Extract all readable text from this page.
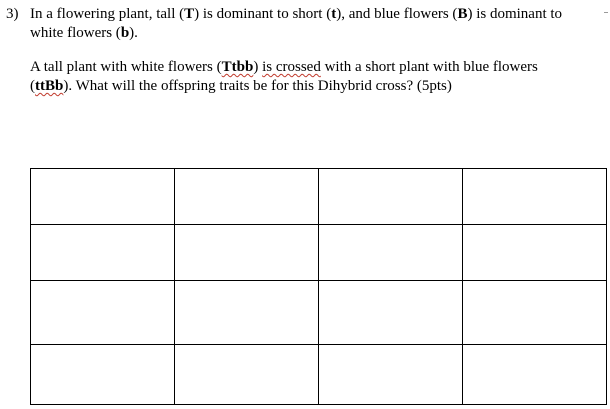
3) In a flowering plant, tall (T) is dominant to short (t), and blue flowers (B) is dominant to
white flowers (b).
A tall plant with white flowers (Ttbb) is crossed with a short plant with blue flowers
(ttBb). What will the offspring traits be for this Dihybrid cross? (5pts)
